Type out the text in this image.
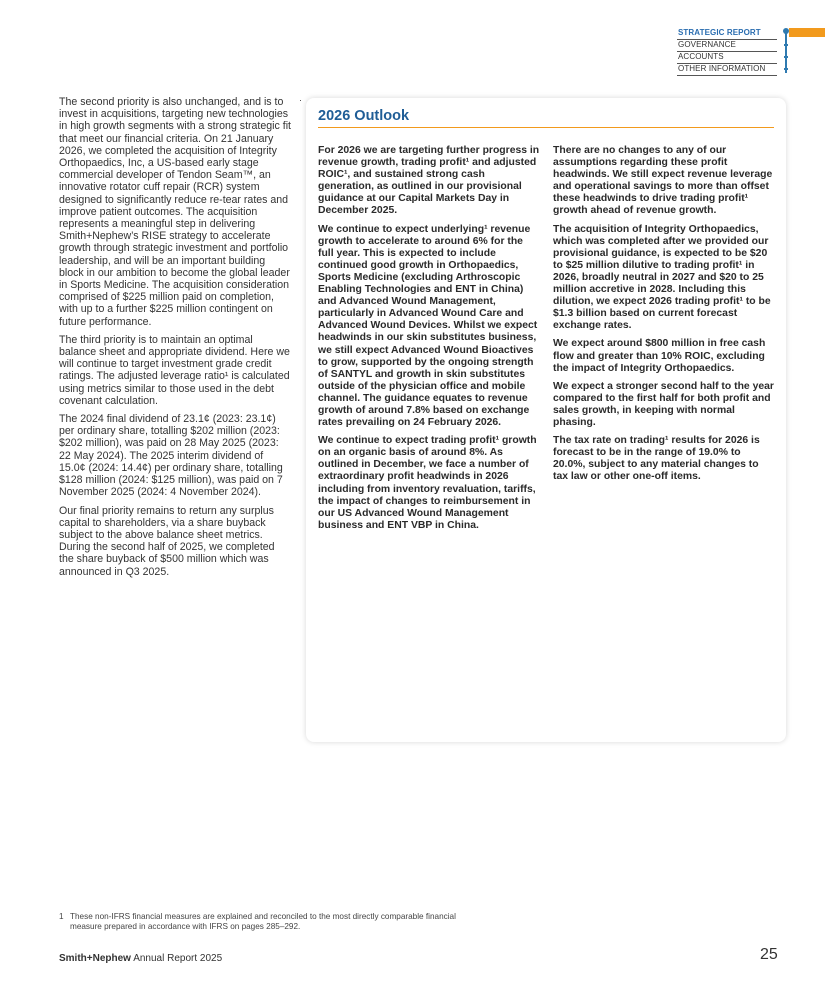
STRATEGIC REPORT
GOVERNANCE
ACCOUNTS
OTHER INFORMATION

The second priority is also unchanged, and is to invest in acquisitions, targeting new technologies in high growth segments with a strong strategic fit that meet our financial criteria. On 21 January 2026, we completed the acquisition of Integrity Orthopaedics, Inc, a US-based early stage commercial developer of Tendon Seam™, an innovative rotator cuff repair (RCR) system designed to significantly reduce re-tear rates and improve patient outcomes. The acquisition represents a meaningful step in delivering Smith+Nephew’s RISE strategy to accelerate growth through strategic investment and portfolio leadership, and will be an important building block in our ambition to become the global leader in Sports Medicine. The acquisition consideration comprised of $225 million paid on completion, with up to a further $225 million contingent on future performance.

The third priority is to maintain an optimal balance sheet and appropriate dividend. Here we will continue to target investment grade credit ratings. The adjusted leverage ratio¹ is calculated using metrics similar to those used in the debt covenant calculation.

The 2024 final dividend of 23.1¢ (2023: 23.1¢) per ordinary share, totalling $202 million (2023: $202 million), was paid on 28 May 2025 (2023: 22 May 2024). The 2025 interim dividend of 15.0¢ (2024: 14.4¢) per ordinary share, totalling $128 million (2024: $125 million), was paid on 7 November 2025 (2024: 4 November 2024).

Our final priority remains to return any surplus capital to shareholders, via a share buyback subject to the above balance sheet metrics. During the second half of 2025, we completed the share buyback of $500 million which was announced in Q3 2025.

2026 Outlook

For 2026 we are targeting further progress in revenue growth, trading profit¹ and adjusted ROIC¹, and sustained strong cash generation, as outlined in our provisional guidance at our Capital Markets Day in December 2025.

We continue to expect underlying¹ revenue growth to accelerate to around 6% for the full year. This is expected to include continued good growth in Orthopaedics, Sports Medicine (excluding Arthroscopic Enabling Technologies and ENT in China) and Advanced Wound Management, particularly in Advanced Wound Care and Advanced Wound Devices. Whilst we expect headwinds in our skin substitutes business, we still expect Advanced Wound Bioactives to grow, supported by the ongoing strength of SANTYL and growth in skin substitutes outside of the physician office and mobile channel. The guidance equates to revenue growth of around 7.8% based on exchange rates prevailing on 24 February 2026.

We continue to expect trading profit¹ growth on an organic basis of around 8%. As outlined in December, we face a number of extraordinary profit headwinds in 2026 including from inventory revaluation, tariffs, the impact of changes to reimbursement in our US Advanced Wound Management business and ENT VBP in China.

There are no changes to any of our assumptions regarding these profit headwinds. We still expect revenue leverage and operational savings to more than offset these headwinds to drive trading profit¹ growth ahead of revenue growth.

The acquisition of Integrity Orthopaedics, which was completed after we provided our provisional guidance, is expected to be $20 to $25 million dilutive to trading profit¹ in 2026, broadly neutral in 2027 and $20 to 25 million accretive in 2028. Including this dilution, we expect 2026 trading profit¹ to be $1.3 billion based on current forecast exchange rates.

We expect around $800 million in free cash flow and greater than 10% ROIC, excluding the impact of Integrity Orthopaedics.

We expect a stronger second half to the year compared to the first half for both profit and sales growth, in keeping with normal phasing.

The tax rate on trading¹ results for 2026 is forecast to be in the range of 19.0% to 20.0%, subject to any material changes to tax law or other one-off items.

1 These non-IFRS financial measures are explained and reconciled to the most directly comparable financial measure prepared in accordance with IFRS on pages 285–292.
Smith+Nephew Annual Report 2025	25
